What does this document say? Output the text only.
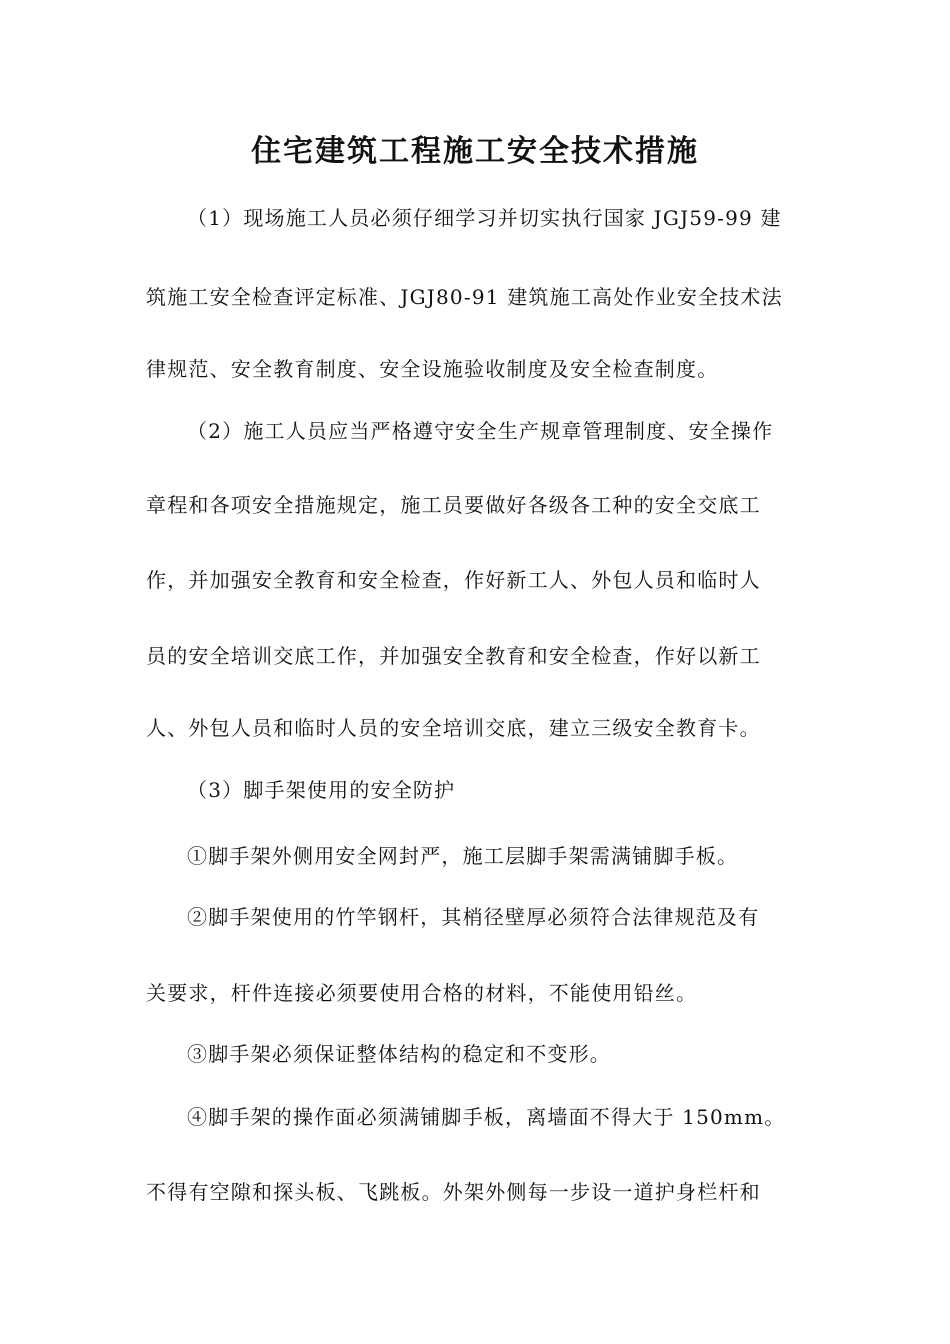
住宅建筑工程施工安全技术措施
（1）现场施工人员必须仔细学习并切实执行国家 JGJ59-99 建
筑施工安全检查评定标准、JGJ80-91 建筑施工高处作业安全技术法
律规范、安全教育制度、安全设施验收制度及安全检查制度。
（2）施工人员应当严格遵守安全生产规章管理制度、安全操作
章程和各项安全措施规定，施工员要做好各级各工种的安全交底工
作，并加强安全教育和安全检查，作好新工人、外包人员和临时人
员的安全培训交底工作，并加强安全教育和安全检查，作好以新工
人、外包人员和临时人员的安全培训交底，建立三级安全教育卡。
（3）脚手架使用的安全防护
①脚手架外侧用安全网封严，施工层脚手架需满铺脚手板。
②脚手架使用的竹竿钢杆，其梢径壁厚必须符合法律规范及有
关要求，杆件连接必须要使用合格的材料，不能使用铅丝。
③脚手架必须保证整体结构的稳定和不变形。
④脚手架的操作面必须满铺脚手板，离墙面不得大于 150mm。
不得有空隙和探头板、飞跳板。外架外侧每一步设一道护身栏杆和
